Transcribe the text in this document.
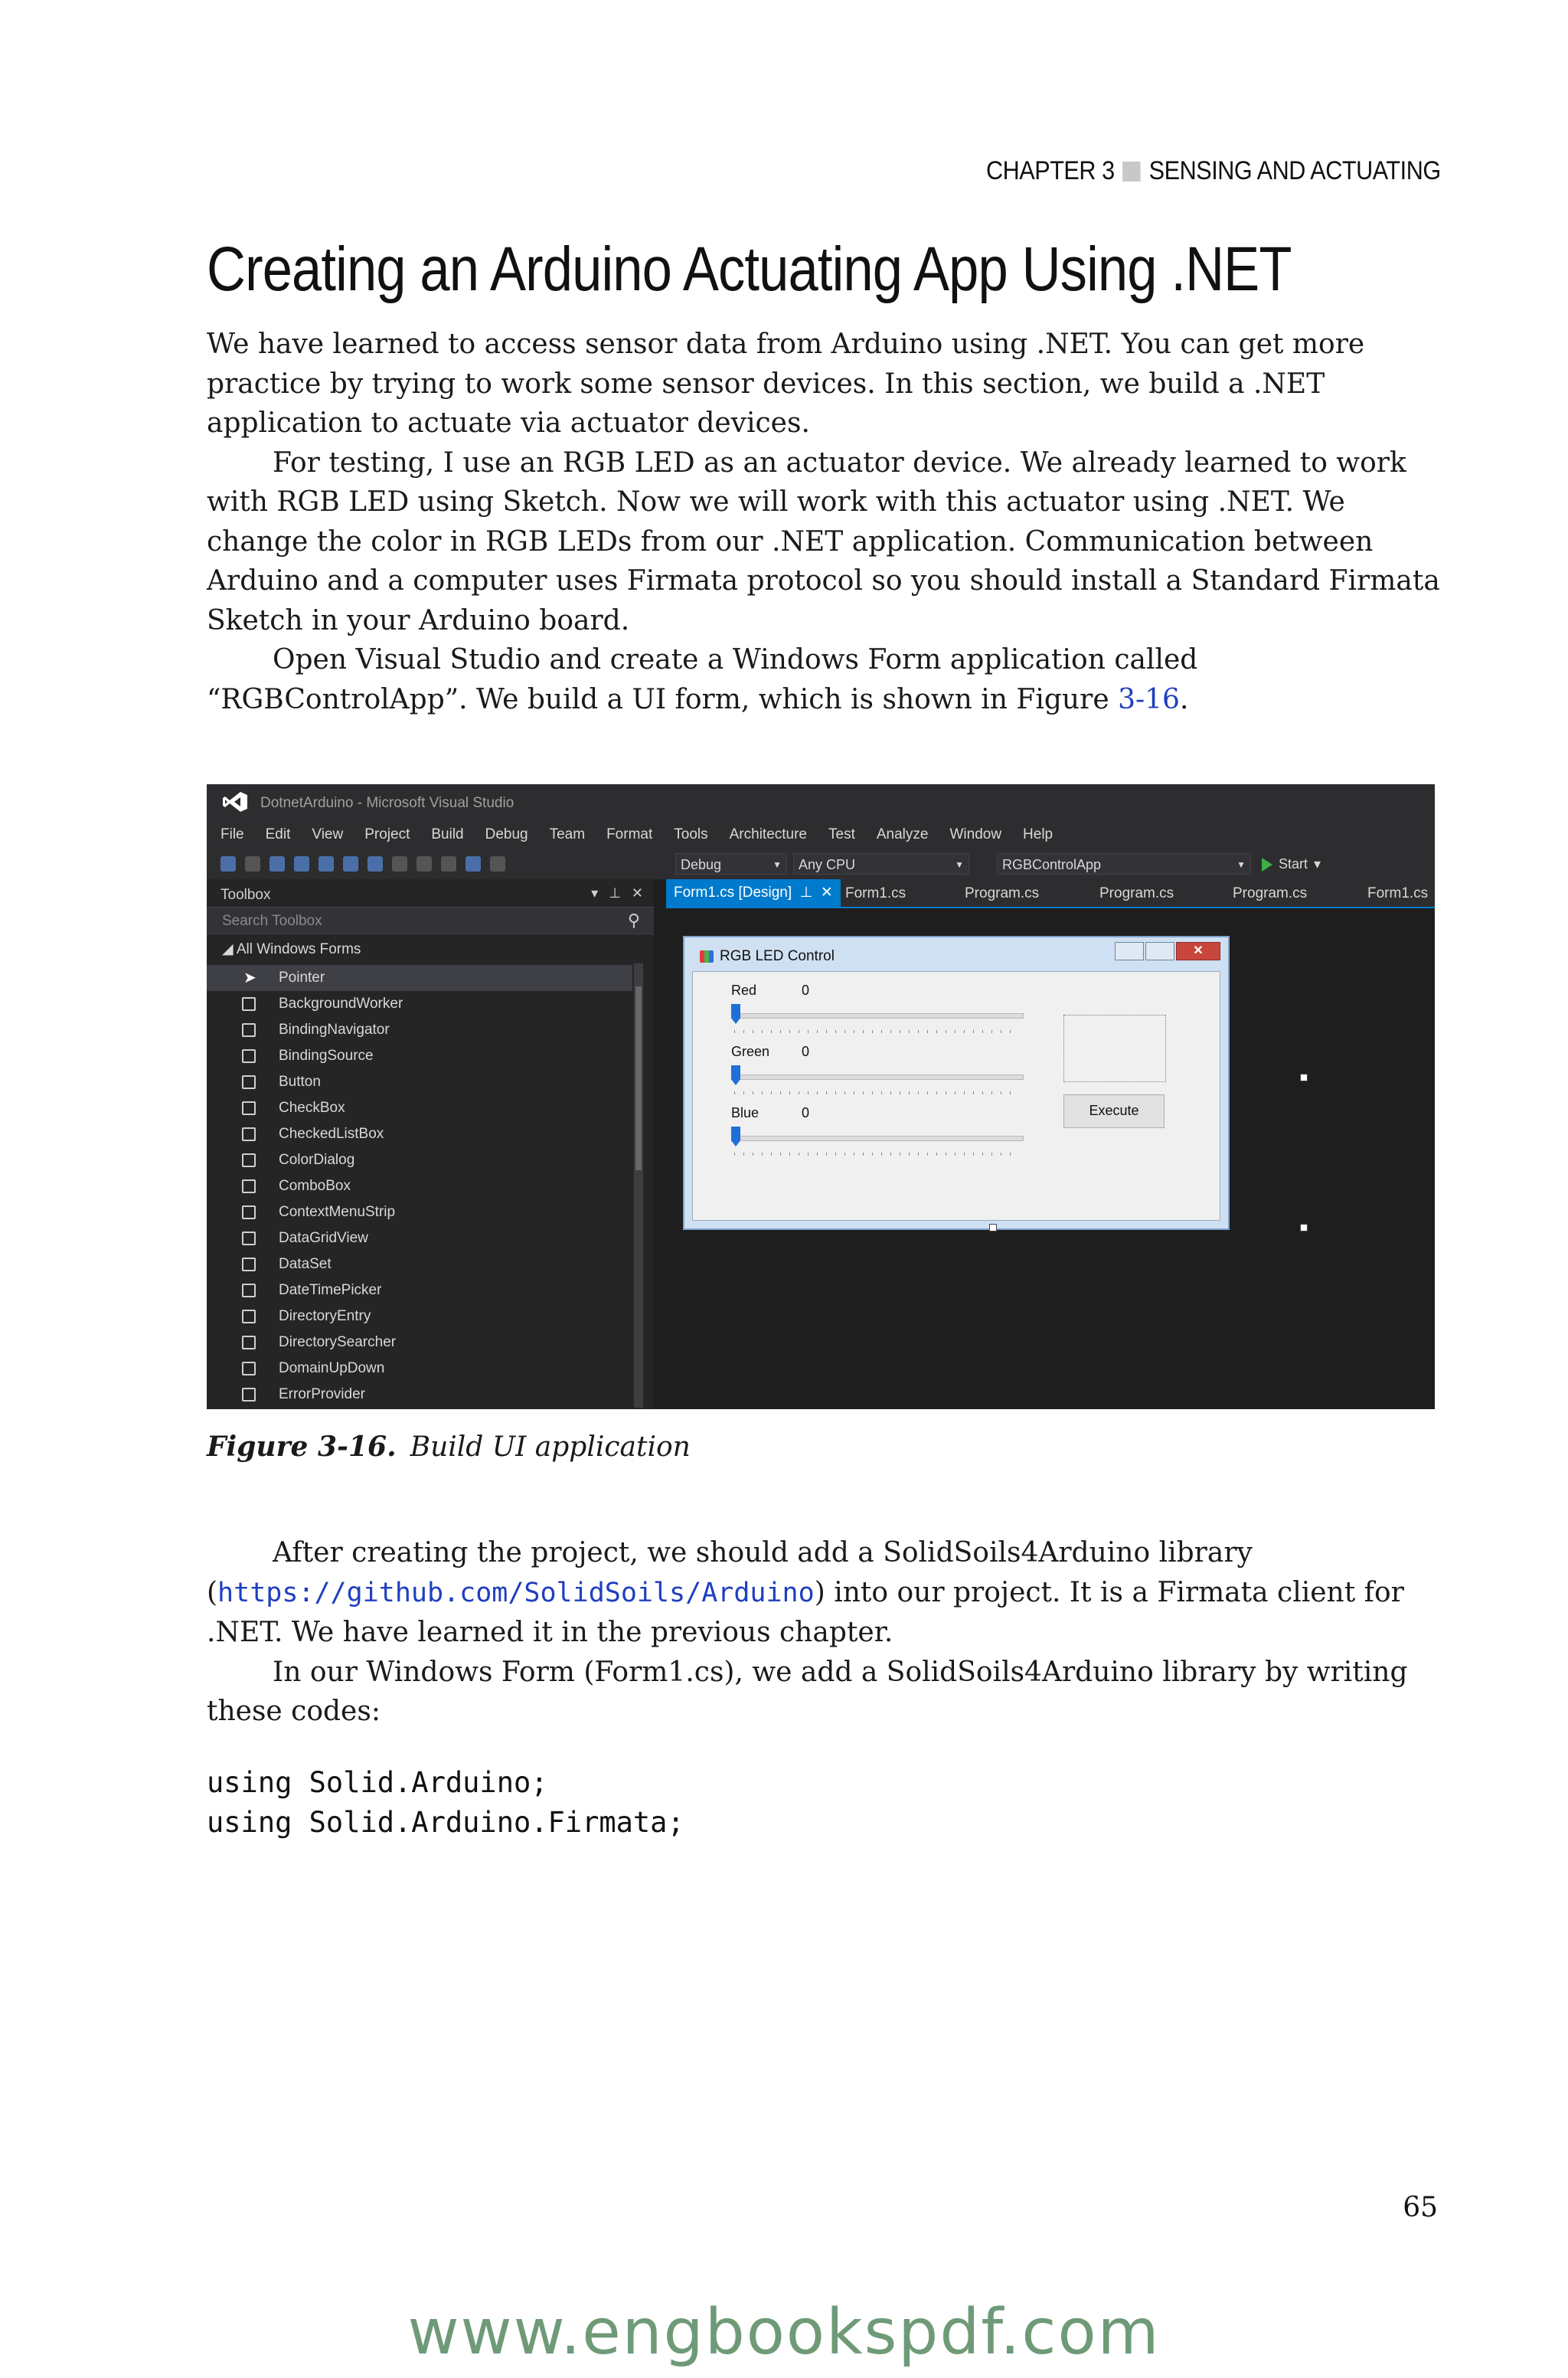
CHAPTER 3 SENSING AND ACTUATING
Creating an Arduino Actuating App Using .NET

We have learned to access sensor data from Arduino using .NET. You can get more practice by trying to work some sensor devices. In this section, we build a .NET application to actuate via actuator devices.

For testing, I use an RGB LED as an actuator device. We already learned to work with RGB LED using Sketch. Now we will work with this actuator using .NET. We change the color in RGB LEDs from our .NET application. Communication between Arduino and a computer uses Firmata protocol so you should install a Standard Firmata Sketch in your Arduino board.

Open Visual Studio and create a Windows Form application called “RGBControlApp”. We build a UI form, which is shown in Figure 3-16.

DotnetArduino - Microsoft Visual Studio
File Edit View Project Build Debug Team Format Tools Architecture Test Analyze Window Help
Debug	▼	Any CPU	▼	RGBControlApp	▼ Start ▾
Toolbox	▾ ⊥ ✕
Search Toolbox	⚲
◢ All Windows Forms
➤ Pointer
BackgroundWorker
BindingNavigator
BindingSource
Button
CheckBox
CheckedListBox
ColorDialog
ComboBox
ContextMenuStrip
DataGridView
DataSet
DateTimePicker
DirectoryEntry
DirectorySearcher
DomainUpDown
ErrorProvider
Form1.cs [Design] ⊥ ✕ Form1.cs	Program.cs	Program.cs	Program.cs	Form1.cs
RGB LED Control	✕
Red	0
Green 0
Blue	0	Execute
Figure 3-16. Build UI application

After creating the project, we should add a SolidSoils4Arduino library (https://github.com/SolidSoils/Arduino) into our project. It is a Firmata client for .NET. We have learned it in the previous chapter.

In our Windows Form (Form1.cs), we add a SolidSoils4Arduino library by writing these codes:

using Solid.Arduino;
using Solid.Arduino.Firmata;
65
www.engbookspdf.com
